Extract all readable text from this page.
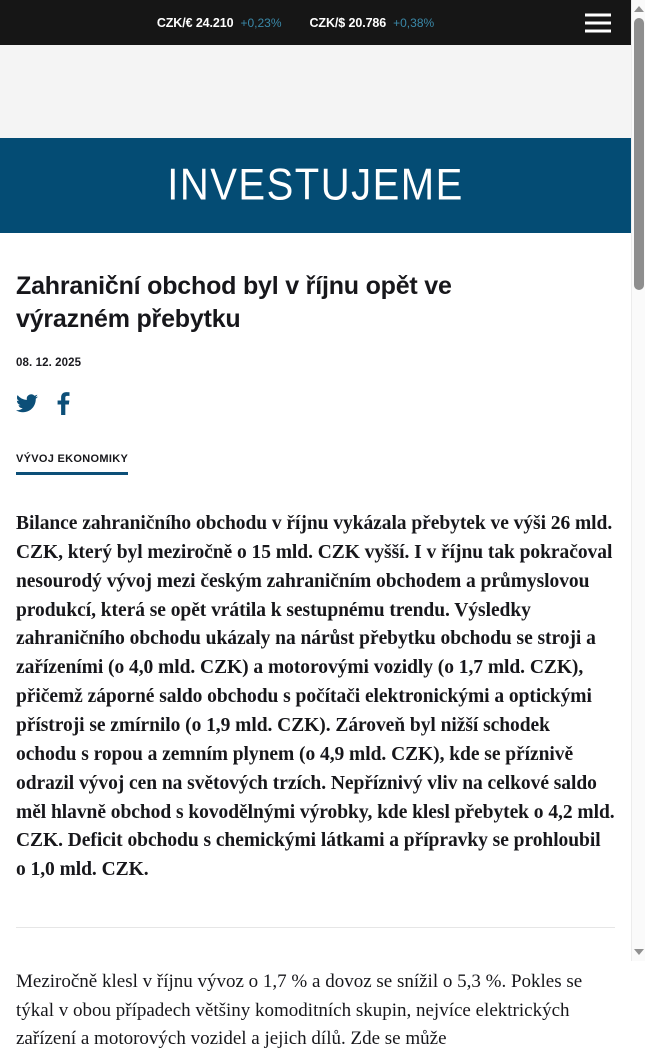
CZK/€ 24.210 +0,23% CZK/$ 20.786 +0,38%
INVESTUJEME
Zahraniční obchod byl v říjnu opět ve výrazném přebytku
08. 12. 2025
VÝVOJ EKONOMIKY

Bilance zahraničního obchodu v říjnu vykázala přebytek ve výši 26 mld. CZK, který byl meziročně o 15 mld. CZK vyšší. I v říjnu tak pokračoval nesourodý vývoj mezi českým zahraničním obchodem a průmyslovou produkcí, která se opět vrátila k sestupnému trendu. Výsledky zahraničního obchodu ukázaly na nárůst přebytku obchodu se stroji a zařízeními (o 4,0 mld. CZK) a motorovými vozidly (o 1,7 mld. CZK), přičemž záporné saldo obchodu s počítači elektronickými a optickými přístroji se zmírnilo (o 1,9 mld. CZK). Zároveň byl nižší schodek ochodu s ropou a zemním plynem (o 4,9 mld. CZK), kde se příznivě odrazil vývoj cen na světových trzích. Nepříznivý vliv na celkové saldo měl hlavně obchod s kovodělnými výrobky, kde klesl přebytek o 4,2 mld. CZK. Deficit obchodu s chemickými látkami a přípravky se prohloubil o 1,0 mld. CZK.

Meziročně klesl v říjnu vývoz o 1,7 % a dovoz se snížil o 5,3 %. Pokles se týkal v obou případech většiny komoditních skupin, nejvíce elektrických zařízení a motorových vozidel a jejich dílů. Zde se může
